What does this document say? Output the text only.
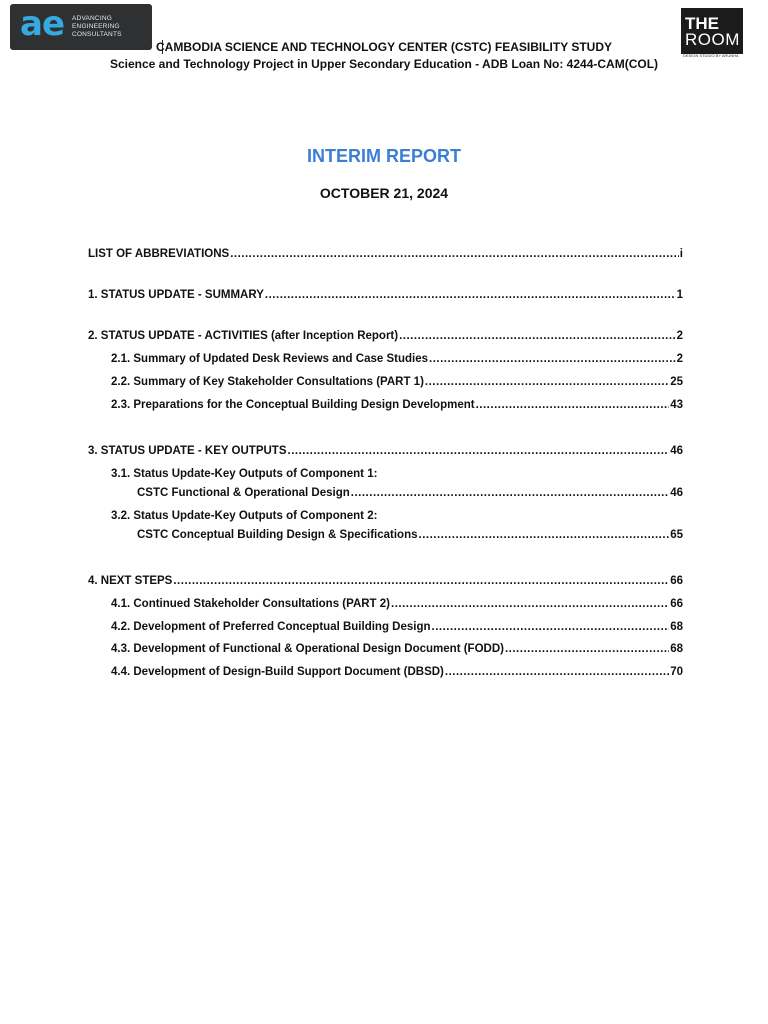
ae ADVANCING
ENGINEERING
CONSULTANTS
THE
ROOM
DESIGN STUDIO BY ARUNHA
CAMBODIA SCIENCE AND TECHNOLOGY CENTER (CSTC) FEASIBILITY STUDY
Science and Technology Project in Upper Secondary Education - ADB Loan No: 4244-CAM(COL)
INTERIM REPORT
OCTOBER 21, 2024
LIST OF ABBREVIATIONS .....	i
1. STATUS UPDATE - SUMMARY .....	1
2. STATUS UPDATE - ACTIVITIES (after Inception Report) .....	2
2.1. Summary of Updated Desk Reviews and Case Studies .....	2
2.2. Summary of Key Stakeholder Consultations (PART 1) .....	25
2.3. Preparations for the Conceptual Building Design Development .....	43
3. STATUS UPDATE - KEY OUTPUTS .....	46
3.1. Status Update-Key Outputs of Component 1:
CSTC Functional & Operational Design .....	46
3.2. Status Update-Key Outputs of Component 2:
CSTC Conceptual Building Design & Specifications .....	65
4. NEXT STEPS .....	66
4.1. Continued Stakeholder Consultations (PART 2) .....	66
4.2. Development of Preferred Conceptual Building Design .....	68
4.3. Development of Functional & Operational Design Document (FODD) .....	68
4.4. Development of Design-Build Support Document (DBSD) .....	70
